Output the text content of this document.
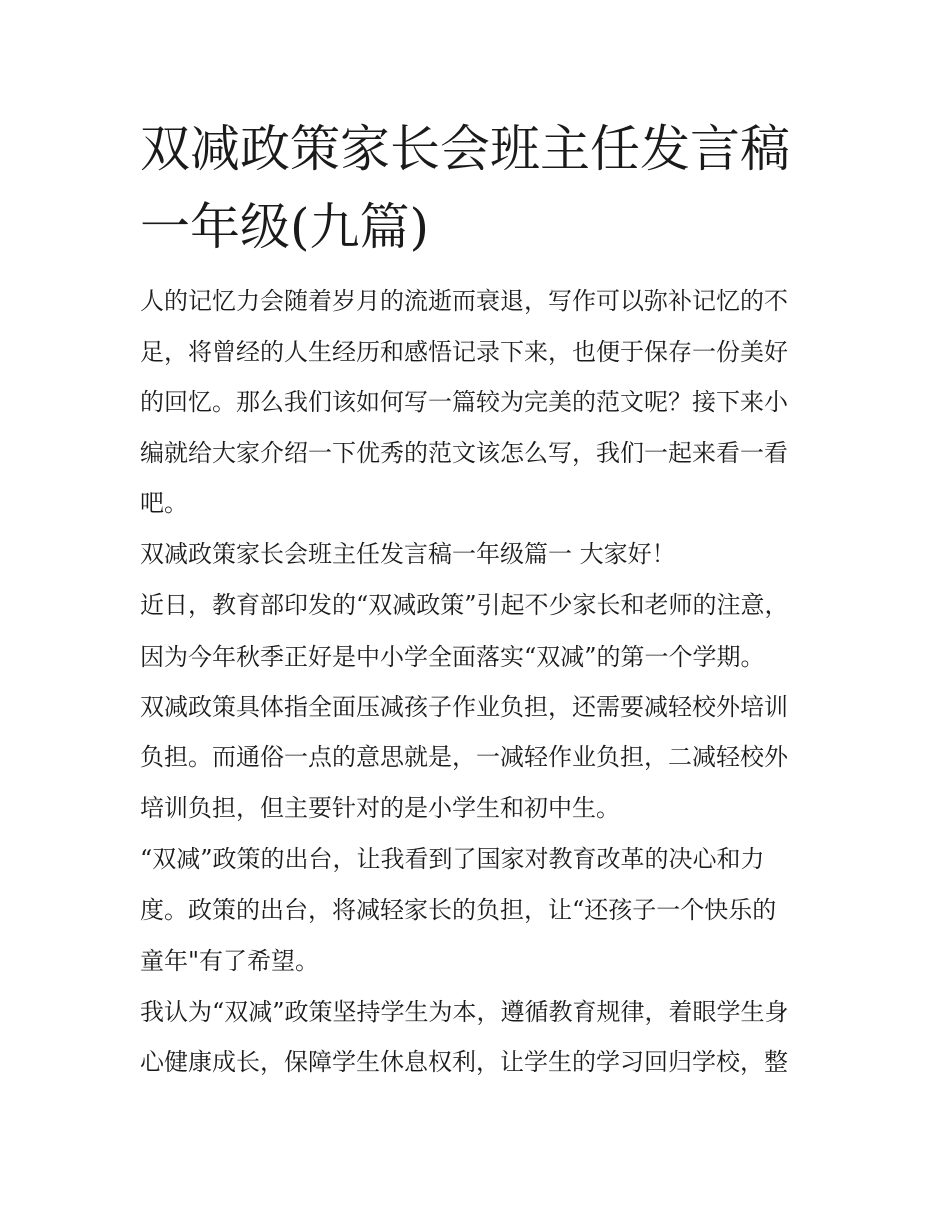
双减政策家长会班主任发言稿
一年级(九篇)
人的记忆力会随着岁月的流逝而衰退，写作可以弥补记忆的不
足，将曾经的人生经历和感悟记录下来，也便于保存一份美好
的回忆。那么我们该如何写一篇较为完美的范文呢？接下来小
编就给大家介绍一下优秀的范文该怎么写，我们一起来看一看
吧。
双减政策家长会班主任发言稿一年级篇一 大家好！
近日，教育部印发的“双减政策”引起不少家长和老师的注意，
因为今年秋季正好是中小学全面落实“双减”的第一个学期。
双减政策具体指全面压减孩子作业负担，还需要减轻校外培训
负担。而通俗一点的意思就是，一减轻作业负担，二减轻校外
培训负担，但主要针对的是小学生和初中生。
“双减”政策的出台，让我看到了国家对教育改革的决心和力
度。政策的出台，将减轻家长的负担，让“还孩子一个快乐的
童年"有了希望。
我认为“双减”政策坚持学生为本，遵循教育规律，着眼学生身
心健康成长，保障学生休息权利，让学生的学习回归学校，整
